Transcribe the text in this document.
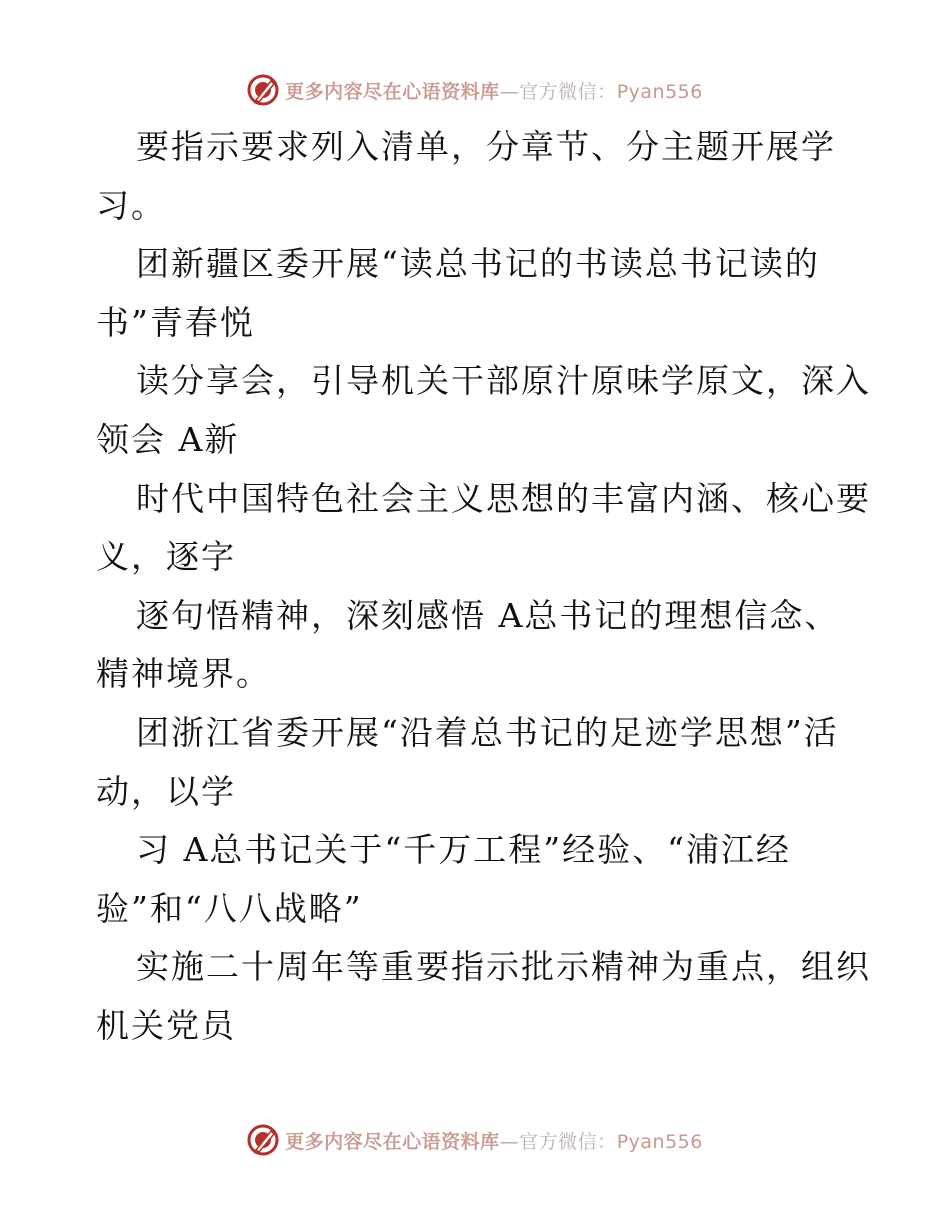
更多内容尽在心语资料库—官方微信：Pyan556
要指示要求列入清单，分章节、分主题开展学
习。
团新疆区委开展“读总书记的书读总书记读的
书”青春悦
读分享会，引导机关干部原汁原味学原文，深入
领会 A新
时代中国特色社会主义思想的丰富内涵、核心要
义，逐字
逐句悟精神，深刻感悟 A总书记的理想信念、
精神境界。
团浙江省委开展“沿着总书记的足迹学思想”活
动，以学
习 A总书记关于“千万工程”经验、“浦江经
验”和“八八战略”
实施二十周年等重要指示批示精神为重点，组织
机关党员
更多内容尽在心语资料库—官方微信：Pyan556
